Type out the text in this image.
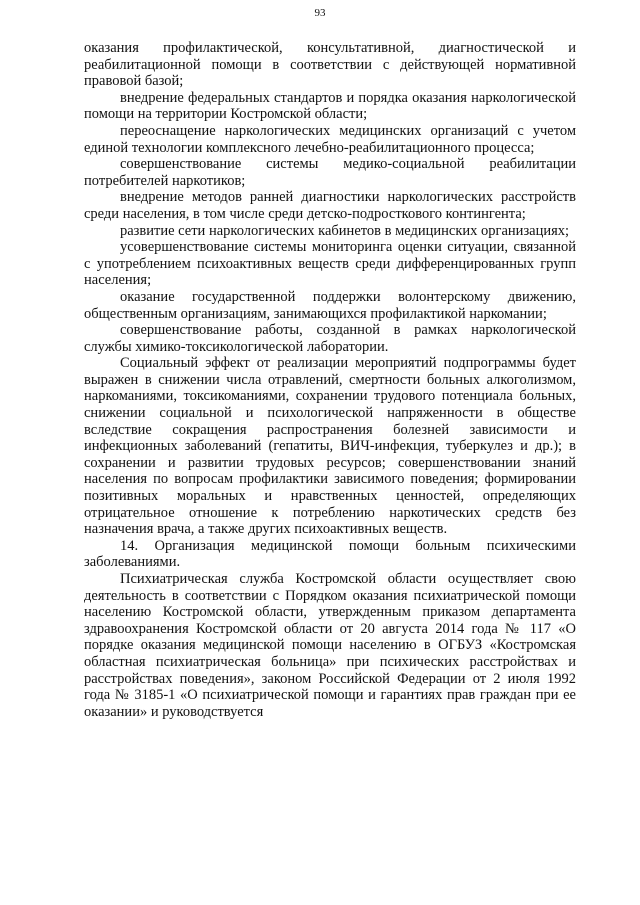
93

оказания профилактической, консультативной, диагностической и реабилитационной помощи в соответствии с действующей нормативной правовой базой;

внедрение федеральных стандартов и порядка оказания наркологической помощи на территории Костромской области;

переоснащение наркологических медицинских организаций с учетом единой технологии комплексного лечебно-реабилитационного процесса;

совершенствование системы медико-социальной реабилитации потребителей наркотиков;

внедрение методов ранней диагностики наркологических расстройств среди населения, в том числе среди детско-подросткового контингента;

развитие сети наркологических кабинетов в медицинских организациях;

усовершенствование системы мониторинга оценки ситуации, связанной с употреблением психоактивных веществ среди дифференцированных групп населения;

оказание государственной поддержки волонтерскому движению, общественным организациям, занимающихся профилактикой наркомании;

совершенствование работы, созданной в рамках наркологической службы химико-токсикологической лаборатории.

Социальный эффект от реализации мероприятий подпрограммы будет выражен в снижении числа отравлений, смертности больных алкоголизмом, наркоманиями, токсикоманиями, сохранении трудового потенциала больных, снижении социальной и психологической напряженности в обществе вследствие сокращения распространения болезней зависимости и инфекционных заболеваний (гепатиты, ВИЧ-инфекция, туберкулез и др.); в сохранении и развитии трудовых ресурсов; совершенствовании знаний населения по вопросам профилактики зависимого поведения; формировании позитивных моральных и нравственных ценностей, определяющих отрицательное отношение к потреблению наркотических средств без назначения врача, а также других психоактивных веществ.

14. Организация медицинской помощи больным психическими заболеваниями.

Психиатрическая служба Костромской области осуществляет свою деятельность в соответствии с Порядком оказания психиатрической помощи населению Костромской области, утвержденным приказом департамента здравоохранения Костромской области от 20 августа 2014 года № 117 «О порядке оказания медицинской помощи населению в ОГБУЗ «Костромская областная психиатрическая больница» при психических расстройствах и расстройствах поведения», законом Российской Федерации от 2 июля 1992 года № 3185-1 «О психиатрической помощи и гарантиях прав граждан при ее оказании» и руководствуется
